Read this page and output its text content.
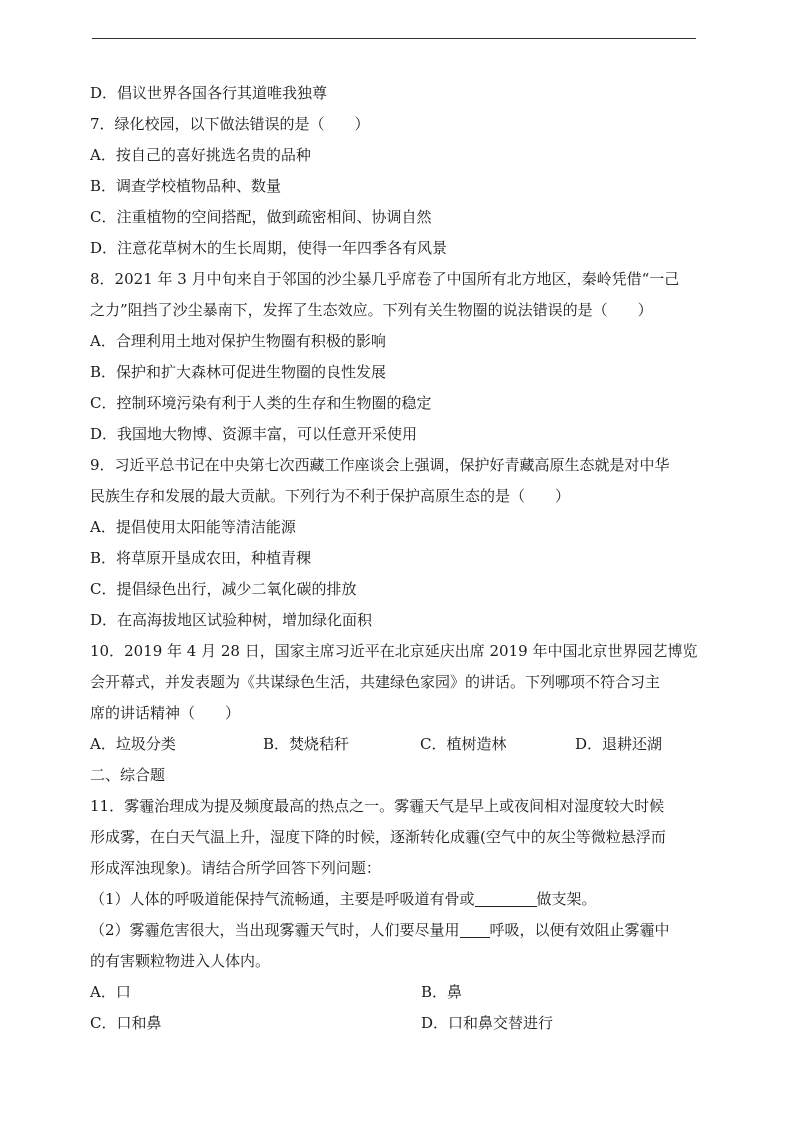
D．倡议世界各国各行其道唯我独尊
7．绿化校园，以下做法错误的是（　　）
A．按自己的喜好挑选名贵的品种
B．调查学校植物品种、数量
C．注重植物的空间搭配，做到疏密相间、协调自然
D．注意花草树木的生长周期，使得一年四季各有风景
8．2021 年 3 月中旬来自于邻国的沙尘暴几乎席卷了中国所有北方地区，秦岭凭借“一己
之力”阻挡了沙尘暴南下，发挥了生态效应。下列有关生物圈的说法错误的是（　　）
A．合理利用土地对保护生物圈有积极的影响
B．保护和扩大森林可促进生物圈的良性发展
C．控制环境污染有利于人类的生存和生物圈的稳定
D．我国地大物博、资源丰富，可以任意开采使用
9．习近平总书记在中央第七次西藏工作座谈会上强调，保护好青藏高原生态就是对中华
民族生存和发展的最大贡献。下列行为不利于保护高原生态的是（　　）
A．提倡使用太阳能等清洁能源
B．将草原开垦成农田，种植青稞
C．提倡绿色出行，减少二氧化碳的排放
D．在高海拔地区试验种树，增加绿化面积
10．2019 年 4 月 28 日，国家主席习近平在北京延庆出席 2019 年中国北京世界园艺博览
会开幕式，并发表题为《共谋绿色生活，共建绿色家园》的讲话。下列哪项不符合习主
席的讲话精神（　　）
A．垃圾分类	B．焚烧秸秆	C．植树造林	D．退耕还湖
二、综合题
11．雾霾治理成为提及频度最高的热点之一。雾霾天气是早上或夜间相对湿度较大时候
形成雾，在白天气温上升，湿度下降的时候，逐渐转化成霾(空气中的灰尘等微粒悬浮而
形成浑浊现象)。请结合所学回答下列问题：
（1）人体的呼吸道能保持气流畅通，主要是呼吸道有骨或	做支架。
（2）雾霾危害很大，当出现雾霾天气时，人们要尽量用 呼吸，以便有效阻止雾霾中
的有害颗粒物进入人体内。
A．口	B．鼻
C．口和鼻	D．口和鼻交替进行
